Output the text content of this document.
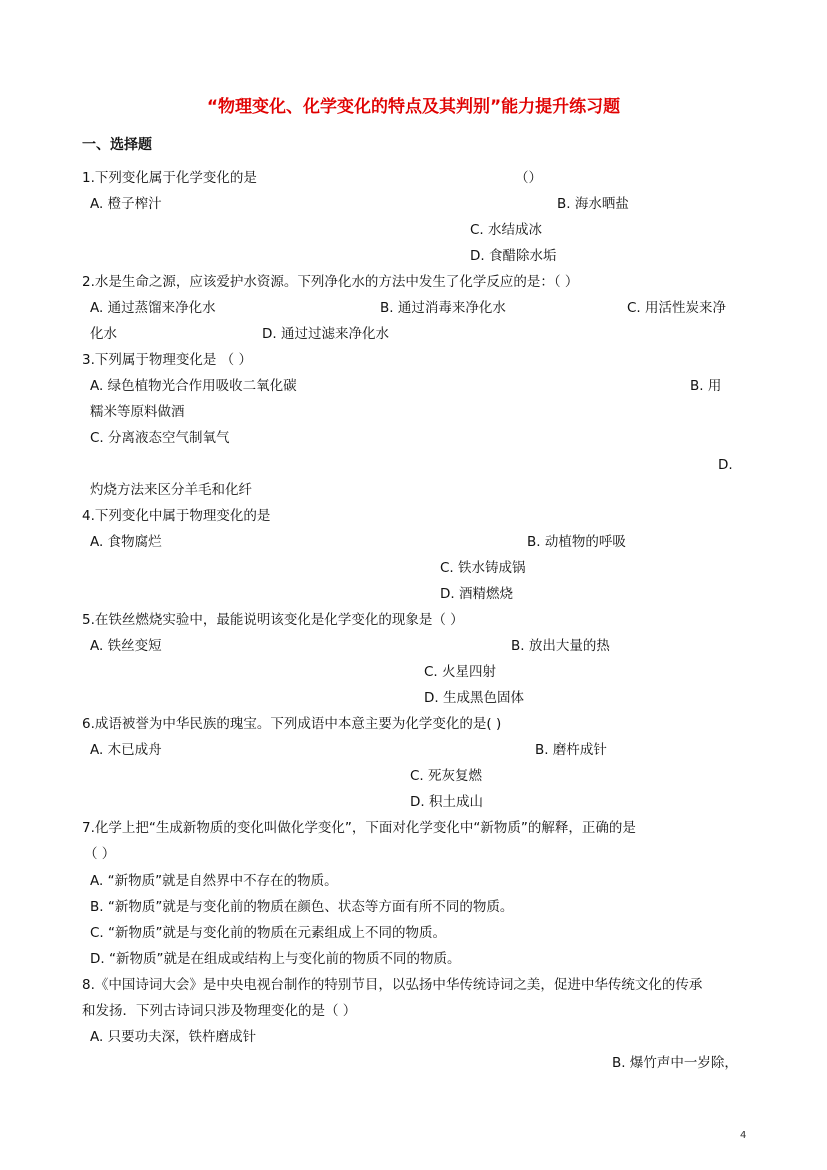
“物理变化、化学变化的特点及其判别”能力提升练习题
一、选择题
1.下列变化属于化学变化的是	（）
A. 橙子榨汁	B. 海水晒盐
C. 水结成冰
D. 食醋除水垢
2.水是生命之源，应该爱护水资源。下列净化水的方法中发生了化学反应的是：（ ）
A. 通过蒸馏来净化水	B. 通过消毒来净化水	C. 用活性炭来净
化水	D. 通过过滤来净化水
3.下列属于物理变化是 （ ）
A. 绿色植物光合作用吸收二氧化碳	B. 用
糯米等原料做酒
C. 分离液态空气制氧气
D.
灼烧方法来区分羊毛和化纤
4.下列变化中属于物理变化的是
A. 食物腐烂	B. 动植物的呼吸
C. 铁水铸成锅
D. 酒精燃烧
5.在铁丝燃烧实验中，最能说明该变化是化学变化的现象是（ ）
A. 铁丝变短	B. 放出大量的热
C. 火星四射
D. 生成黑色固体
6.成语被誉为中华民族的瑰宝。下列成语中本意主要为化学变化的是( )
A. 木已成舟	B. 磨杵成针
C. 死灰复燃
D. 积土成山
7.化学上把“生成新物质的变化叫做化学变化”，下面对化学变化中“新物质”的解释，正确的是
（ ）
A. “新物质”就是自然界中不存在的物质。
B. “新物质”就是与变化前的物质在颜色、状态等方面有所不同的物质。
C. “新物质”就是与变化前的物质在元素组成上不同的物质。
D. “新物质”就是在组成或结构上与变化前的物质不同的物质。
8.《中国诗词大会》是中央电视台制作的特别节目，以弘扬中华传统诗词之美，促进中华传统文化的传承
和发扬．下列古诗词只涉及物理变化的是（ ）
A. 只要功夫深，铁杵磨成针
B. 爆竹声中一岁除，
4
